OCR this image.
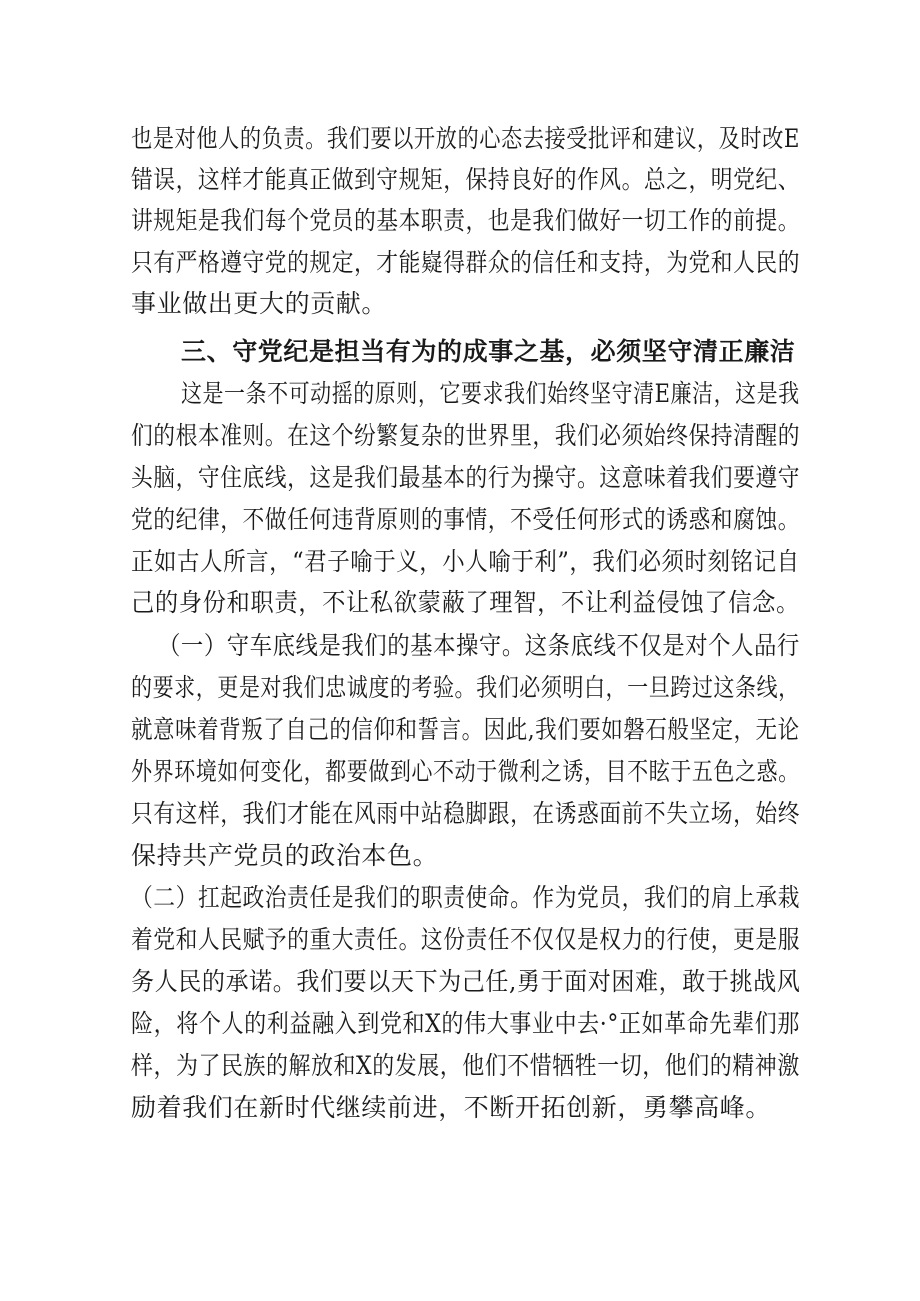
也是对他人的负责。我们要以开放的心态去接受批评和建议，及时改E
错误，这样才能真正做到守规矩，保持良好的作风。总之，明党纪、
讲规矩是我们每个党员的基本职责，也是我们做好一切工作的前提。
只有严格遵守党的规定，才能嶷得群众的信任和支持，为党和人民的
事业做出更大的贡献。
三、守党纪是担当有为的成事之基，必须坚守清正廉洁
这是一条不可动摇的原则，它要求我们始终坚守清E廉洁，这是我
们的根本准则。在这个纷繁复杂的世界里，我们必须始终保持清醒的
头脑，守住底线，这是我们最基本的行为操守。这意味着我们要遵守
党的纪律，不做任何违背原则的事情，不受任何形式的诱惑和腐蚀。
正如古人所言，“君子喻于义，小人喻于利”，我们必须时刻铭记自
己的身份和职责，不让私欲蒙蔽了理智，不让利益侵蚀了信念。
（一）守车底线是我们的基本操守。这条底线不仅是对个人品行
的要求，更是对我们忠诚度的考验。我们必须明白，一旦跨过这条线，
就意味着背叛了自己的信仰和誓言。因此,我们要如磐石般坚定，无论
外界环境如何变化，都要做到心不动于微利之诱，目不眩于五色之惑。
只有这样，我们才能在风雨中站稳脚跟，在诱惑面前不失立场，始终
保持共产党员的政治本色。
（二）扛起政治责任是我们的职责使命。作为党员，我们的肩上承栽
着党和人民赋予的重大责任。这份责任不仅仅是权力的行使，更是服
务人民的承诺。我们要以天下为己任,勇于面对困难，敢于挑战风
险，将个人的利益融入到党和X的伟大事业中去·°正如革命先辈们那
样，为了民族的解放和X的发展，他们不惜牺牲一切，他们的精神激
励着我们在新时代继续前进，不断开拓创新，勇攀高峰。
